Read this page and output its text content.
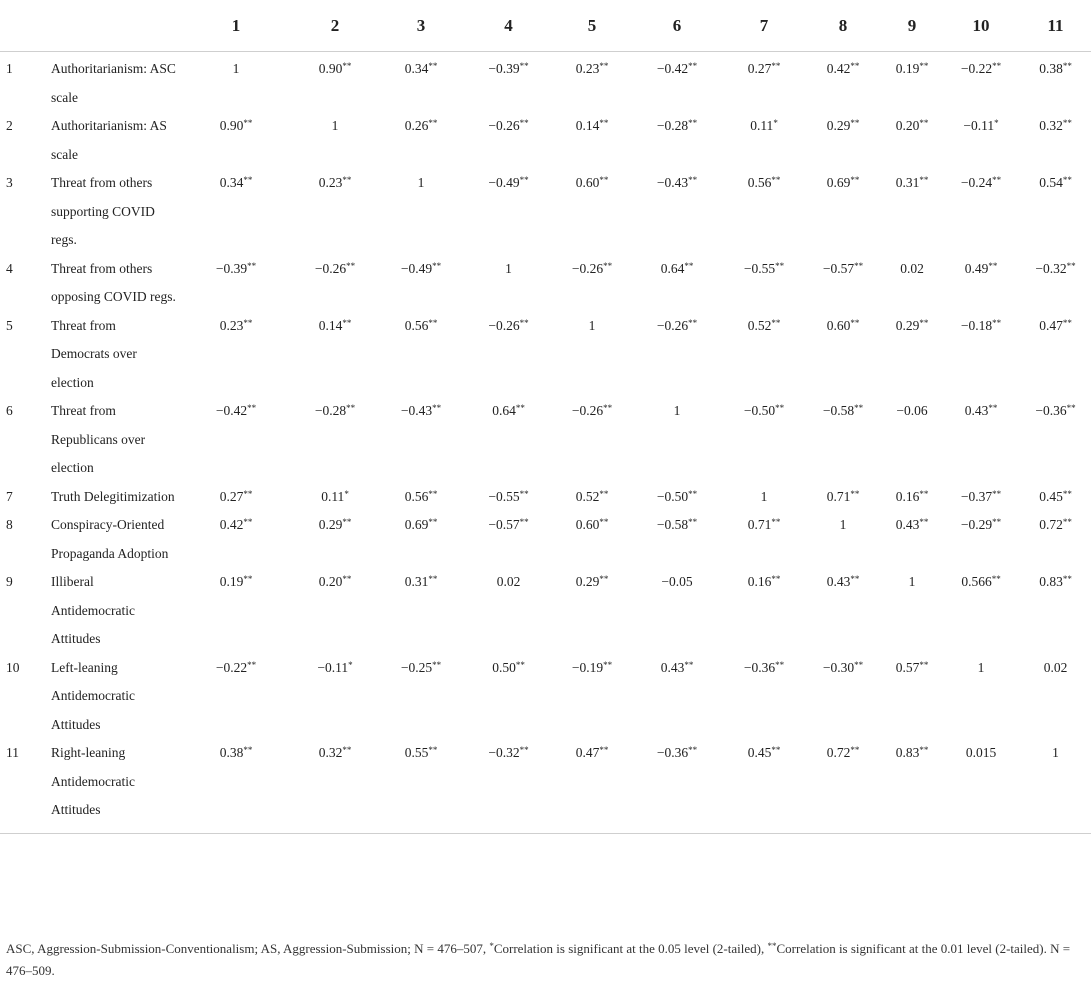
		1	2	3	4	5	6	7	8	9	10	11
1	Authoritarianism: ASC scale	1	0.90**	0.34**	−0.39**	0.23**	−0.42**	0.27**	0.42**	0.19**	−0.22**	0.38**
2	Authoritarianism: AS scale	0.90**	1	0.26**	−0.26**	0.14**	−0.28**	0.11*	0.29**	0.20**	−0.11*	0.32**
3	Threat from others supporting COVID regs.	0.34**	0.23**	1	−0.49**	0.60**	−0.43**	0.56**	0.69**	0.31**	−0.24**	0.54**
4	Threat from others opposing COVID regs.	−0.39**	−0.26**	−0.49**	1	−0.26**	0.64**	−0.55**	−0.57**	0.02	0.49**	−0.32**
5	Threat from Democrats over election	0.23**	0.14**	0.56**	−0.26**	1	−0.26**	0.52**	0.60**	0.29**	−0.18**	0.47**
6	Threat from Republicans over election	−0.42**	−0.28**	−0.43**	0.64**	−0.26**	1	−0.50**	−0.58**	−0.06	0.43**	−0.36**
7	Truth Delegitimization	0.27**	0.11*	0.56**	−0.55**	0.52**	−0.50**	1	0.71**	0.16**	−0.37**	0.45**
8	Conspiracy-Oriented Propaganda Adoption	0.42**	0.29**	0.69**	−0.57**	0.60**	−0.58**	0.71**	1	0.43**	−0.29**	0.72**
9	Illiberal Antidemocratic Attitudes	0.19**	0.20**	0.31**	0.02	0.29**	−0.05	0.16**	0.43**	1	0.566**	0.83**
10	Left-leaning Antidemocratic Attitudes	−0.22**	−0.11*	−0.25**	0.50**	−0.19**	0.43**	−0.36**	−0.30**	0.57**	1	0.02
11	Right-leaning Antidemocratic Attitudes	0.38**	0.32**	0.55**	−0.32**	0.47**	−0.36**	0.45**	0.72**	0.83**	0.015	1
ASC, Aggression-Submission-Conventionalism; AS, Aggression-Submission; N = 476–507, *Correlation is significant at the 0.05 level (2-tailed), **Correlation is significant at the 0.01 level (2-tailed). N = 476–509.
